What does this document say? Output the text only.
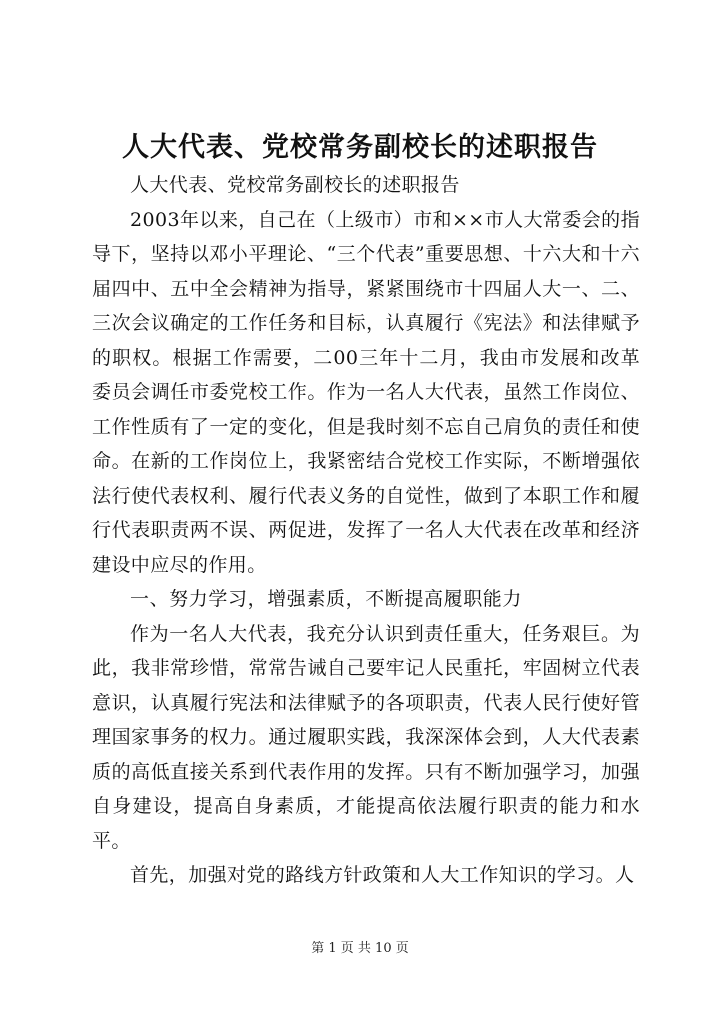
人大代表、党校常务副校长的述职报告

人大代表、党校常务副校长的述职报告

2003年以来，自己在（上级市）市和××市人大常委会的指导下，坚持以邓小平理论、“三个代表”重要思想、十六大和十六届四中、五中全会精神为指导，紧紧围绕市十四届人大一、二、三次会议确定的工作任务和目标，认真履行《宪法》和法律赋予的职权。根据工作需要，二00三年十二月，我由市发展和改革委员会调任市委党校工作。作为一名人大代表，虽然工作岗位、工作性质有了一定的变化，但是我时刻不忘自己肩负的责任和使命。在新的工作岗位上，我紧密结合党校工作实际，不断增强依法行使代表权利、履行代表义务的自觉性，做到了本职工作和履行代表职责两不误、两促进，发挥了一名人大代表在改革和经济建设中应尽的作用。

一、努力学习，增强素质，不断提高履职能力

作为一名人大代表，我充分认识到责任重大，任务艰巨。为此，我非常珍惜，常常告诫自己要牢记人民重托，牢固树立代表意识，认真履行宪法和法律赋予的各项职责，代表人民行使好管理国家事务的权力。通过履职实践，我深深体会到，人大代表素质的高低直接关系到代表作用的发挥。只有不断加强学习，加强自身建设，提高自身素质，才能提高依法履行职责的能力和水平。

首先，加强对党的路线方针政策和人大工作知识的学习。人

第 1 页 共 10 页
